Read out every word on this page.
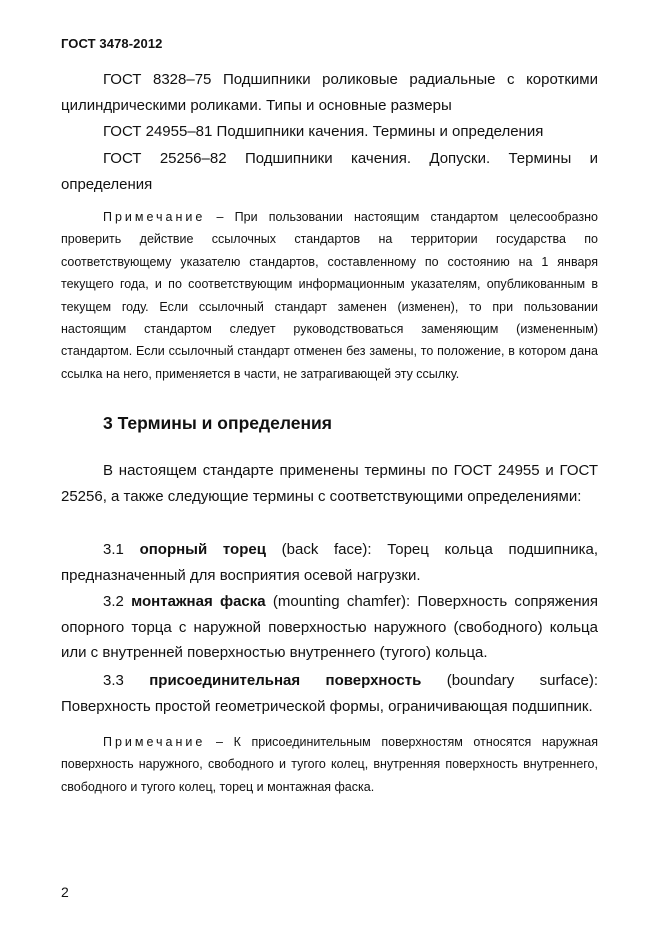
ГОСТ 3478-2012

ГОСТ 8328–75 Подшипники роликовые радиальные с короткими цилиндрическими роликами. Типы и основные размеры

ГОСТ 24955–81 Подшипники качения. Термины и определения

ГОСТ 25256–82 Подшипники качения. Допуски. Термины и определения

Примечание – При пользовании настоящим стандартом целесообразно проверить действие ссылочных стандартов на территории государства по соответствующему указателю стандартов, составленному по состоянию на 1 января текущего года, и по соответствующим информационным указателям, опубликованным в текущем году. Если ссылочный стандарт заменен (изменен), то при пользовании настоящим стандартом следует руководствоваться заменяющим (измененным) стандартом. Если ссылочный стандарт отменен без замены, то положение, в котором дана ссылка на него, применяется в части, не затрагивающей эту ссылку.

3 Термины и определения

В настоящем стандарте применены термины по ГОСТ 24955 и ГОСТ 25256, а также следующие термины с соответствующими определениями:

3.1 опорный торец (back face): Торец кольца подшипника, предназначенный для восприятия осевой нагрузки.

3.2 монтажная фаска (mounting chamfer): Поверхность сопряжения опорного торца с наружной поверхностью наружного (свободного) кольца или с внутренней поверхностью внутреннего (тугого) кольца.

3.3 присоединительная поверхность (boundary surface): Поверхность простой геометрической формы, ограничивающая подшипник.

Примечание – К присоединительным поверхностям относятся наружная поверхность наружного, свободного и тугого колец, внутренняя поверхность внутреннего, свободного и тугого колец, торец и монтажная фаска.

2
